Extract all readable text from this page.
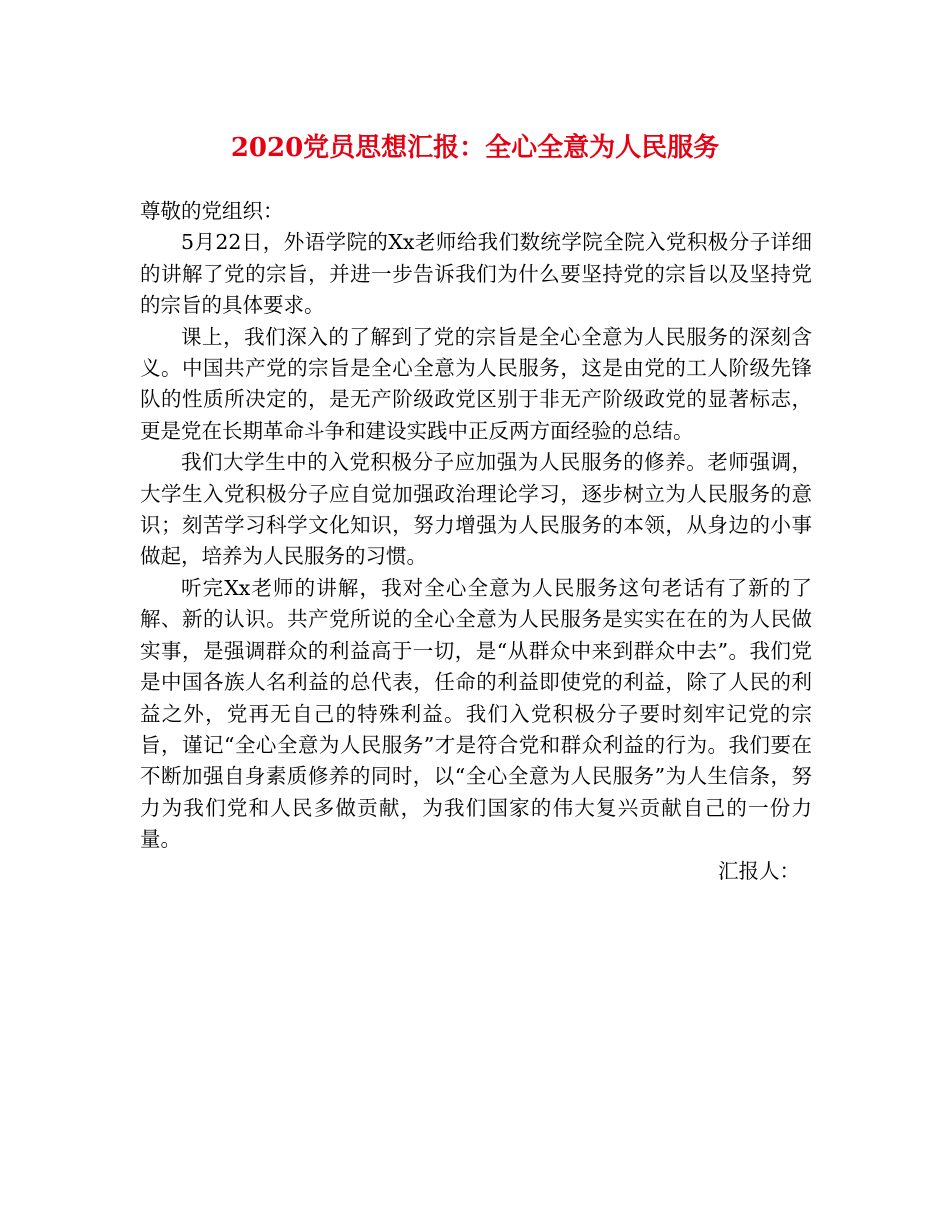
2020党员思想汇报：全心全意为人民服务

尊敬的党组织：

5月22日，外语学院的Xx老师给我们数统学院全院入党积极分子详细的讲解了党的宗旨，并进一步告诉我们为什么要坚持党的宗旨以及坚持党的宗旨的具体要求。

课上，我们深入的了解到了党的宗旨是全心全意为人民服务的深刻含义。中国共产党的宗旨是全心全意为人民服务，这是由党的工人阶级先锋队的性质所决定的，是无产阶级政党区别于非无产阶级政党的显著标志，更是党在长期革命斗争和建设实践中正反两方面经验的总结。

我们大学生中的入党积极分子应加强为人民服务的修养。老师强调，大学生入党积极分子应自觉加强政治理论学习，逐步树立为人民服务的意识；刻苦学习科学文化知识，努力增强为人民服务的本领，从身边的小事做起，培养为人民服务的习惯。

听完Xx老师的讲解，我对全心全意为人民服务这句老话有了新的了解、新的认识。共产党所说的全心全意为人民服务是实实在在的为人民做实事，是强调群众的利益高于一切，是“从群众中来到群众中去”。我们党是中国各族人名利益的总代表，任命的利益即使党的利益，除了人民的利益之外，党再无自己的特殊利益。我们入党积极分子要时刻牢记党的宗旨，谨记“全心全意为人民服务”才是符合党和群众利益的行为。我们要在不断加强自身素质修养的同时，以“全心全意为人民服务”为人生信条，努力为我们党和人民多做贡献，为我们国家的伟大复兴贡献自己的一份力量。

汇报人：
